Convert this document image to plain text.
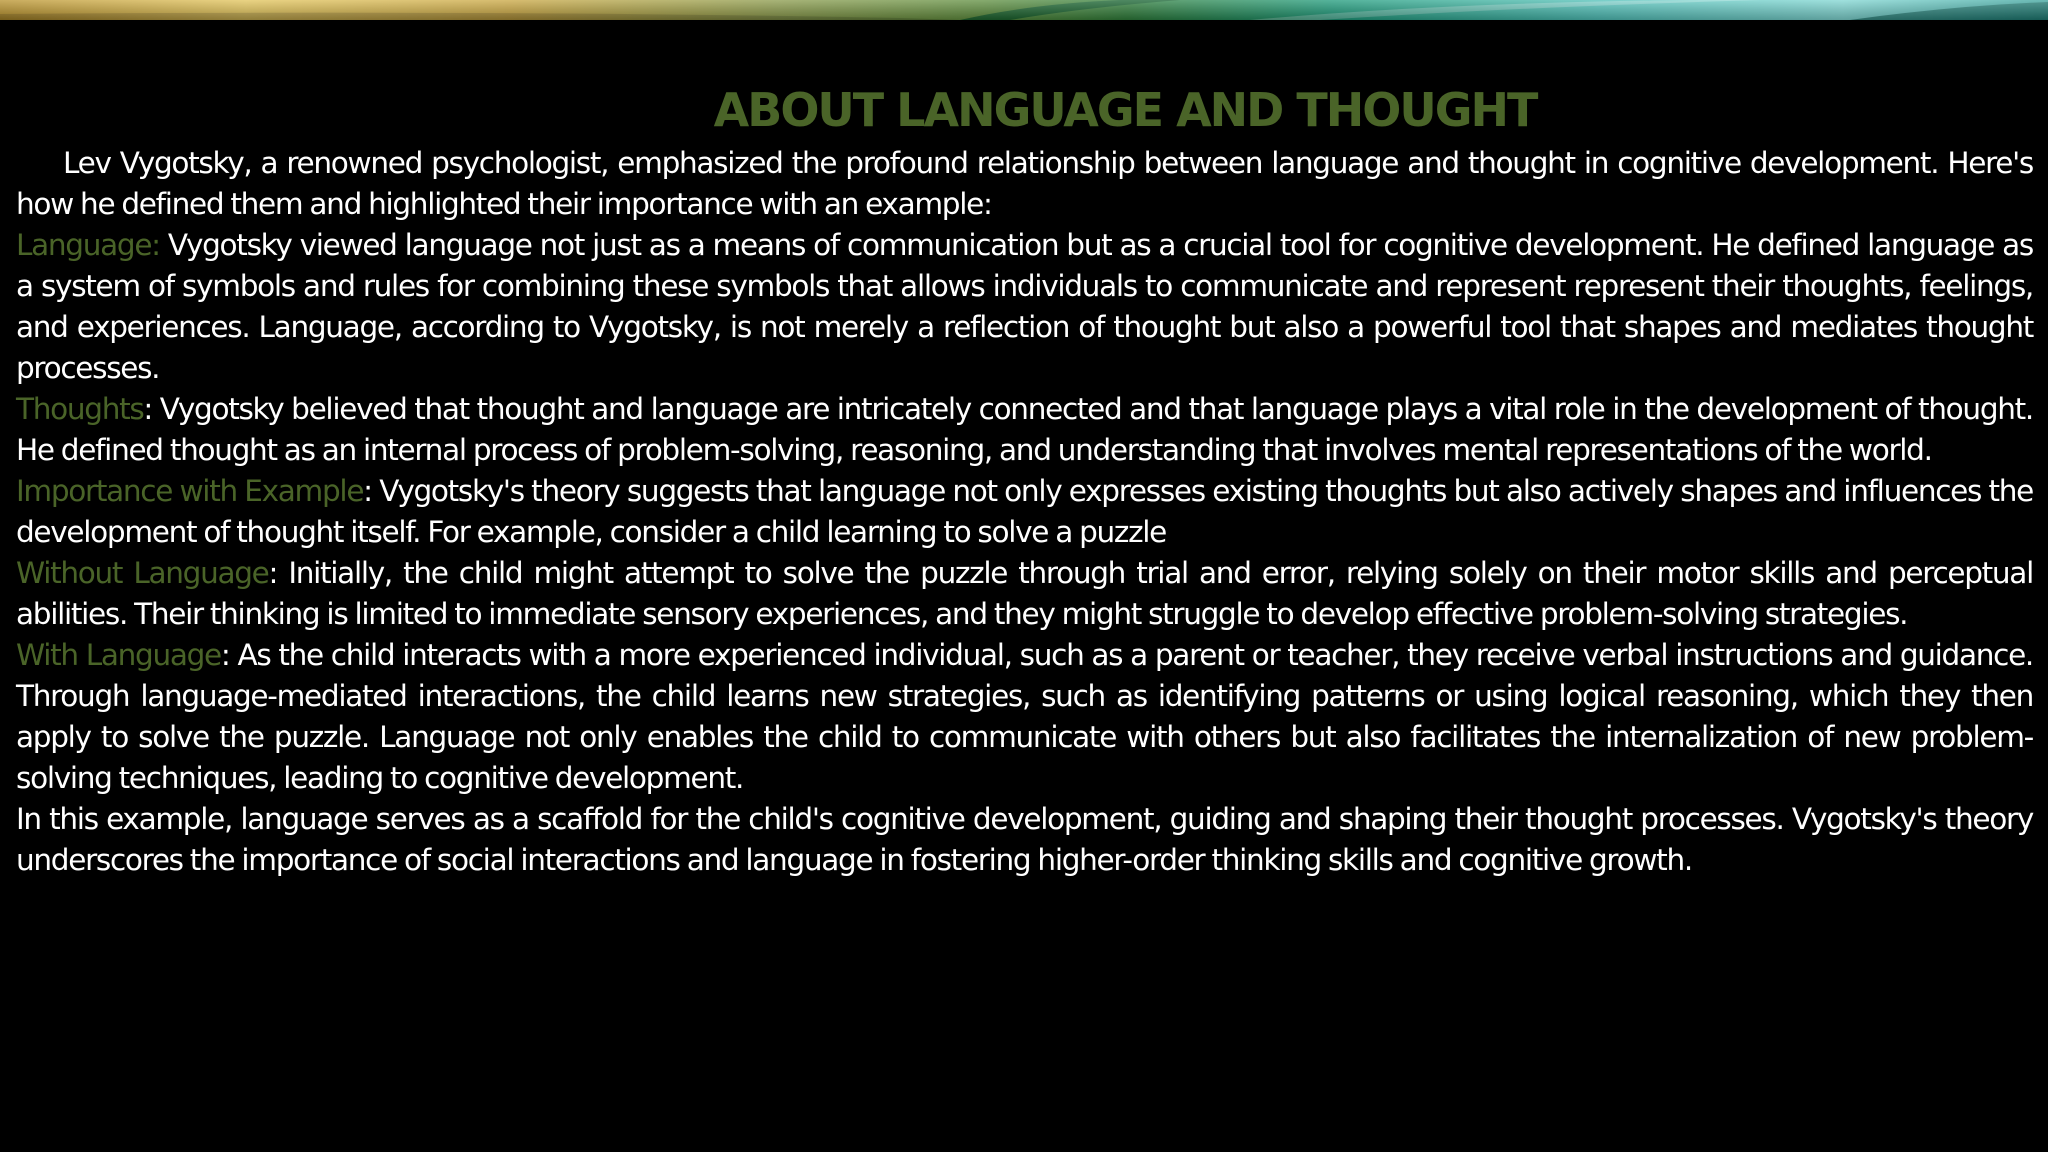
ABOUT LANGUAGE AND THOUGHT

Lev Vygotsky, a renowned psychologist, emphasized the profound relationship between language and thought in cognitive development. Here's how he defined them and highlighted their importance with an example:

Language: Vygotsky viewed language not just as a means of communication but as a crucial tool for cognitive development. He defined language as a system of symbols and rules for combining these symbols that allows individuals to communicate and represent represent their thoughts, feelings, and experiences. Language, according to Vygotsky, is not merely a reflection of thought but also a powerful tool that shapes and mediates thought processes.

Thoughts: Vygotsky believed that thought and language are intricately connected and that language plays a vital role in the development of thought. He defined thought as an internal process of problem-solving, reasoning, and understanding that involves mental representations of the world.

Importance with Example: Vygotsky's theory suggests that language not only expresses existing thoughts but also actively shapes and influences the development of thought itself. For example, consider a child learning to solve a puzzle

Without Language: Initially, the child might attempt to solve the puzzle through trial and error, relying solely on their motor skills and perceptual abilities. Their thinking is limited to immediate sensory experiences, and they might struggle to develop effective problem-solving strategies.

With Language: As the child interacts with a more experienced individual, such as a parent or teacher, they receive verbal instructions and guidance. Through language-mediated interactions, the child learns new strategies, such as identifying patterns or using logical reasoning, which they then apply to solve the puzzle. Language not only enables the child to communicate with others but also facilitates the internalization of new problem-solving techniques, leading to cognitive development.

In this example, language serves as a scaffold for the child's cognitive development, guiding and shaping their thought processes. Vygotsky's theory underscores the importance of social interactions and language in fostering higher-order thinking skills and cognitive growth.
